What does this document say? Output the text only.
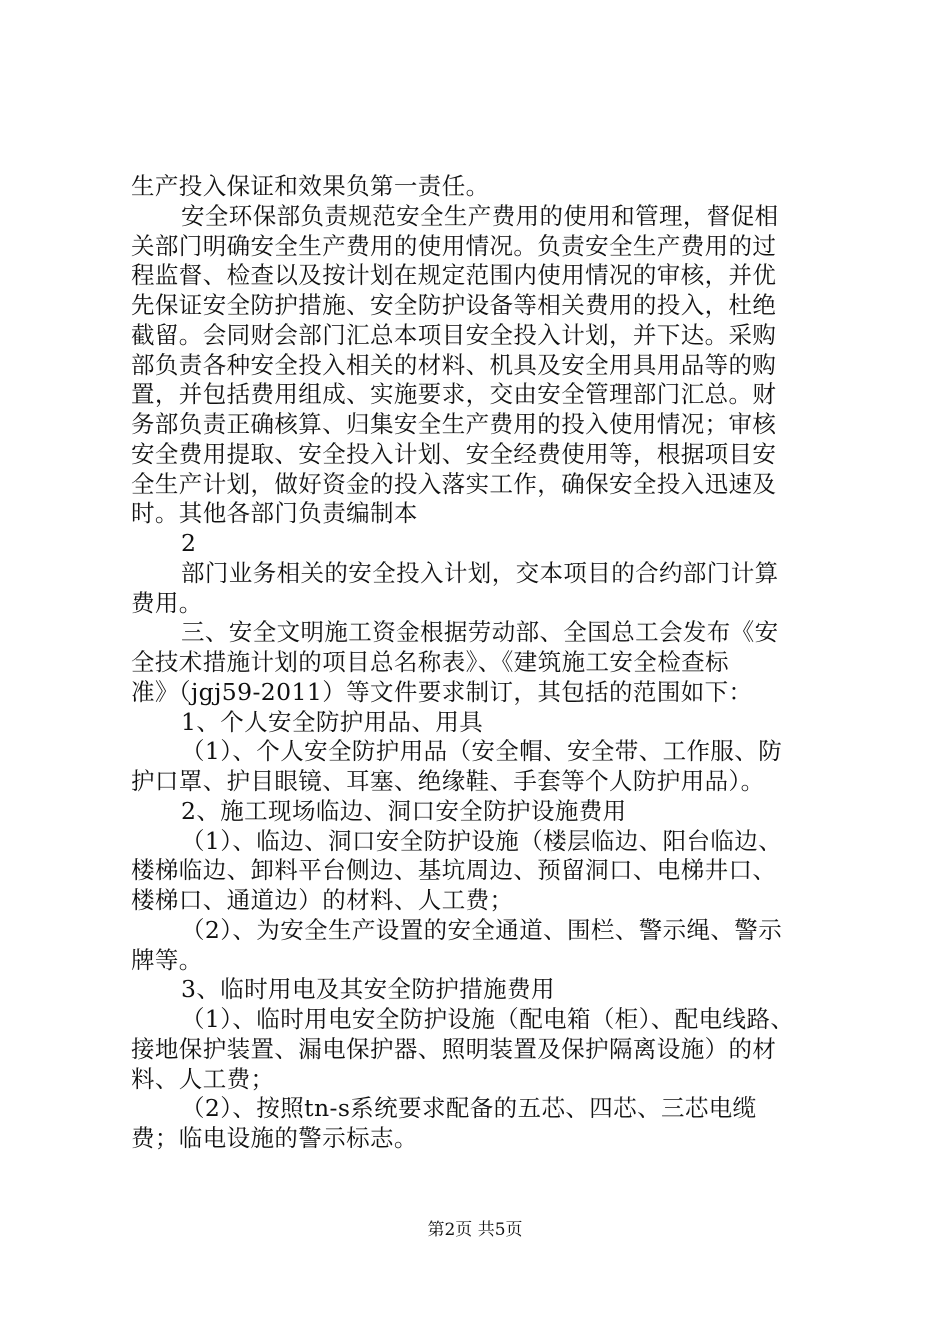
生产投入保证和效果负第一责任。
安全环保部负责规范安全生产费用的使用和管理，督促相
关部门明确安全生产费用的使用情况。负责安全生产费用的过
程监督、检查以及按计划在规定范围内使用情况的审核，并优
先保证安全防护措施、安全防护设备等相关费用的投入，杜绝
截留。会同财会部门汇总本项目安全投入计划，并下达。采购
部负责各种安全投入相关的材料、机具及安全用具用品等的购
置，并包括费用组成、实施要求，交由安全管理部门汇总。财
务部负责正确核算、归集安全生产费用的投入使用情况；审核
安全费用提取、安全投入计划、安全经费使用等，根据项目安
全生产计划，做好资金的投入落实工作，确保安全投入迅速及
时。其他各部门负责编制本
2
部门业务相关的安全投入计划，交本项目的合约部门计算
费用。
三、安全文明施工资金根据劳动部、全国总工会发布《安
全技术措施计划的项目总名称表》、《建筑施工安全检查标
准》（jgj59-2011）等文件要求制订，其包括的范围如下：
1、个人安全防护用品、用具
（1）、个人安全防护用品（安全帽、安全带、工作服、防
护口罩、护目眼镜、耳塞、绝缘鞋、手套等个人防护用品）。
2、施工现场临边、洞口安全防护设施费用
（1）、临边、洞口安全防护设施（楼层临边、阳台临边、
楼梯临边、卸料平台侧边、基坑周边、预留洞口、电梯井口、
楼梯口、通道边）的材料、人工费；
（2）、为安全生产设置的安全通道、围栏、警示绳、警示
牌等。
3、临时用电及其安全防护措施费用
（1）、临时用电安全防护设施（配电箱（柜）、配电线路、
接地保护装置、漏电保护器、照明装置及保护隔离设施）的材
料、人工费；
（2）、按照tn-s系统要求配备的五芯、四芯、三芯电缆
费；临电设施的警示标志。
第2页 共5页
